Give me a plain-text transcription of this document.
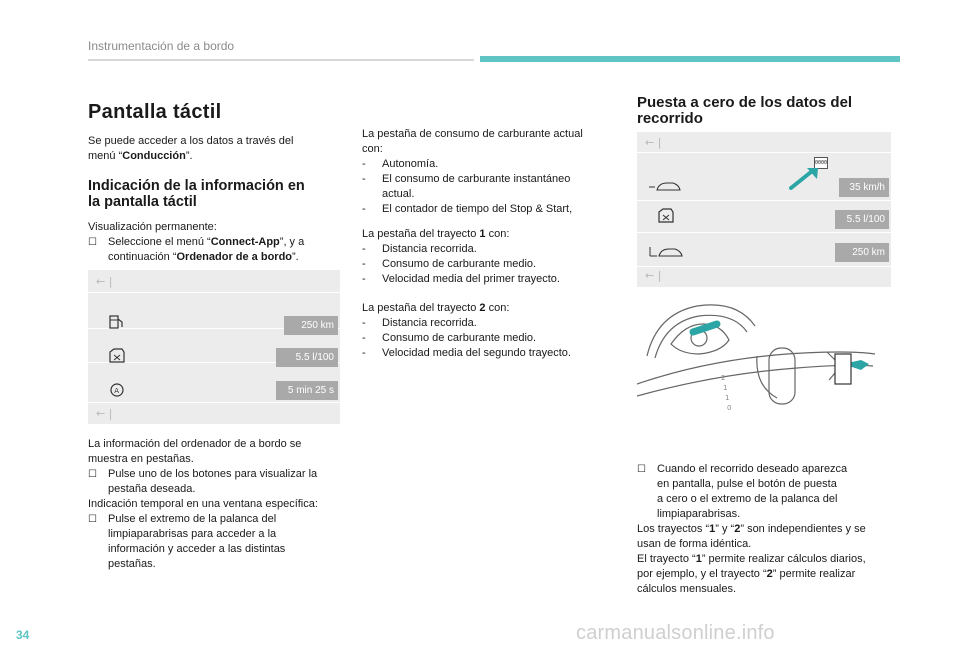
Instrumentación de a bordo
Pantalla táctil

Se puede acceder a los datos a través del

menú “Conducción”.

Indicación de la información en
la pantalla táctil

Visualización permanente:

☐ Seleccione el menú “Connect-App”, y a

continuación “Ordenador de a bordo”.

← |
A
250 km
5.5 l/100
5 min 25 s
← |

La información del ordenador de a bordo se

muestra en pestañas.

☐ Pulse uno de los botones para visualizar la

pestaña deseada.

Indicación temporal en una ventana específica:

☐ Pulse el extremo de la palanca del

limpiaparabrisas para acceder a la

información y acceder a las distintas

pestañas.

La pestaña de consumo de carburante actual

con:

- Autonomía.

- El consumo de carburante instantáneo

actual.

- El contador de tiempo del Stop & Start,

La pestaña del trayecto 1 con:

- Distancia recorrida.

- Consumo de carburante medio.

- Velocidad media del primer trayecto.

La pestaña del trayecto 2 con:

- Distancia recorrida.

- Consumo de carburante medio.

- Velocidad media del segundo trayecto.

Puesta a cero de los datos del
recorrido
← |
0000
35 km/h
5.5 l/100
250 km
← |
2
1
1
0
☐ Cuando el recorrido deseado aparezca

en pantalla, pulse el botón de puesta

a cero o el extremo de la palanca del

limpiaparabrisas.

Los trayectos “1” y “2” son independientes y se

usan de forma idéntica.

El trayecto “1” permite realizar cálculos diarios,

por ejemplo, y el trayecto “2” permite realizar

cálculos mensuales.

34	carmanualsonline.info
